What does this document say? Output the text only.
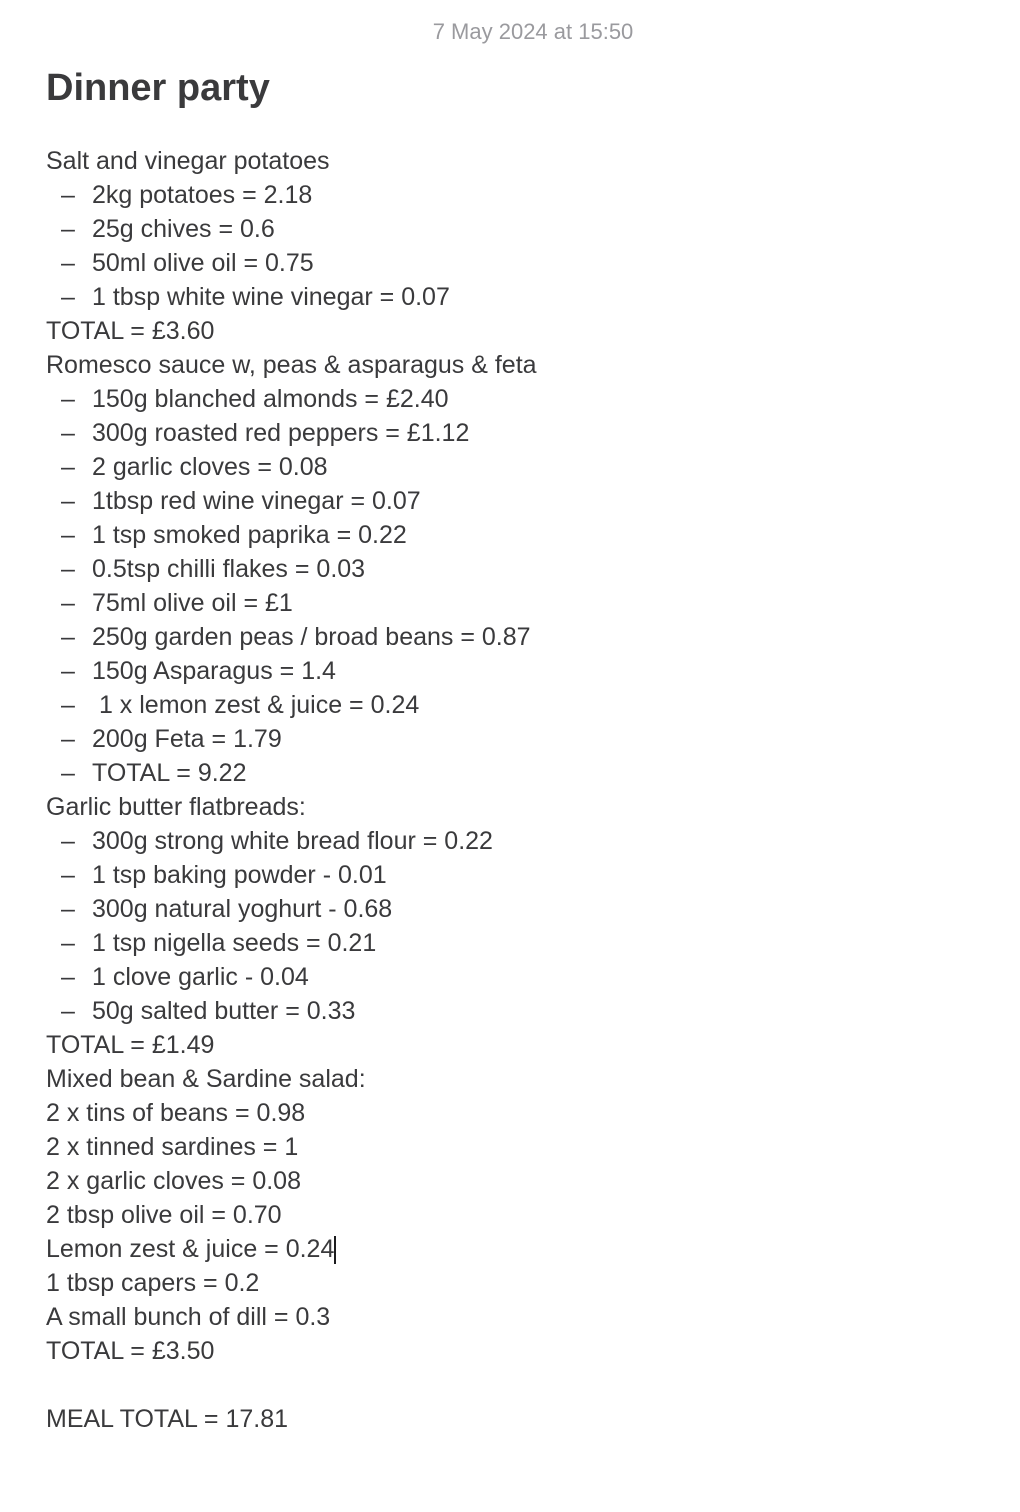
7 May 2024 at 15:50
Dinner party
Salt and vinegar potatoes
– 2kg potatoes = 2.18
– 25g chives = 0.6
– 50ml olive oil = 0.75
– 1 tbsp white wine vinegar = 0.07
TOTAL = £3.60
Romesco sauce w, peas & asparagus & feta
– 150g blanched almonds = £2.40
– 300g roasted red peppers = £1.12
– 2 garlic cloves = 0.08
– 1tbsp red wine vinegar = 0.07
– 1 tsp smoked paprika = 0.22
– 0.5tsp chilli flakes = 0.03
– 75ml olive oil = £1
– 250g garden peas / broad beans = 0.87
– 150g Asparagus = 1.4
– 1 x lemon zest & juice = 0.24
– 200g Feta = 1.79
– TOTAL = 9.22
Garlic butter flatbreads:
– 300g strong white bread flour = 0.22
– 1 tsp baking powder - 0.01
– 300g natural yoghurt - 0.68
– 1 tsp nigella seeds = 0.21
– 1 clove garlic - 0.04
– 50g salted butter = 0.33
TOTAL = £1.49
Mixed bean & Sardine salad:
2 x tins of beans = 0.98
2 x tinned sardines = 1
2 x garlic cloves = 0.08
2 tbsp olive oil = 0.70
Lemon zest & juice = 0.24
1 tbsp capers = 0.2
A small bunch of dill = 0.3
TOTAL = £3.50
MEAL TOTAL = 17.81
